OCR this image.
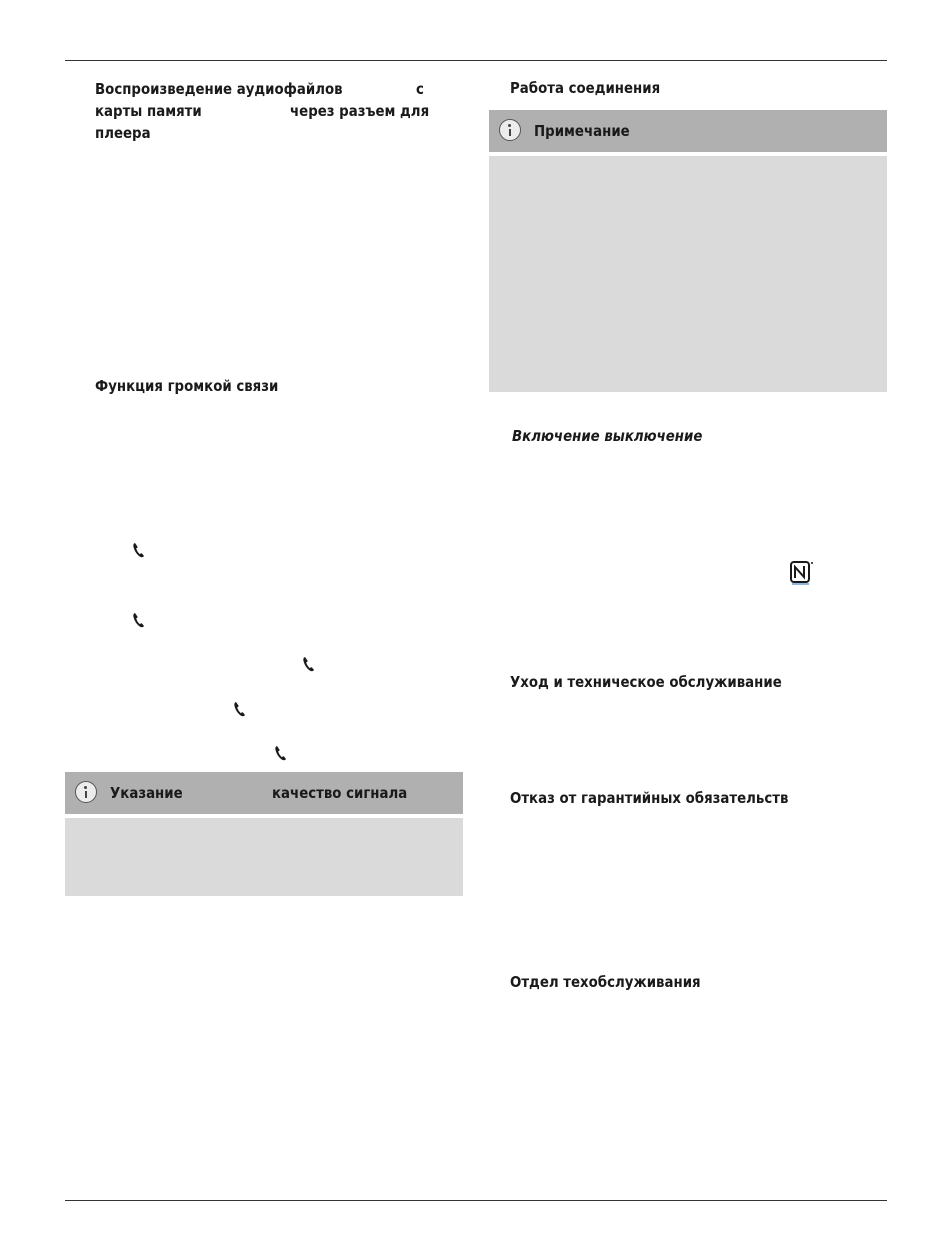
Воспроизведение аудиофайлов	с
карты памяти	через разъем для
плеера
Функция громкой связи
Указание	качество сигнала
Работа соединения
Примечание
Включение выключение
Уход и техническое обслуживание
Отказ от гарантийных обязательств
Отдел техобслуживания
